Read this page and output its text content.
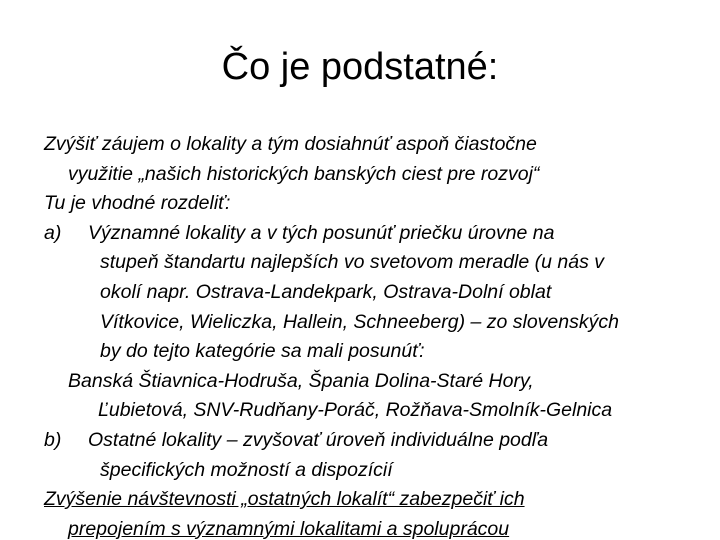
Čo je podstatné:

Zvýšiť záujem o lokality a tým dosiahnúť aspoň čiastočne
využitie „našich historických banských ciest pre rozvoj“

Tu je vhodné rozdeliť:

a) Významné lokality a v tých posunúť priečku úrovne na
stupeň štandartu najlepších vo svetovom meradle (u nás v
okolí napr. Ostrava-Landekpark, Ostrava-Dolní oblat
Vítkovice, Wieliczka, Hallein, Schneeberg) – zo slovenských
by do tejto kategórie sa mali posunúť:

Banská Štiavnica-Hodruša, Špania Dolina-Staré Hory,
Ľubietová, SNV-Rudňany-Poráč, Rožňava-Smolník-Gelnica

b) Ostatné lokality – zvyšovať úroveň individuálne podľa
špecifických možností a dispozícií

Zvýšenie návštevnosti „ostatných lokalít“ zabezpečiť ich
prepojením s významnými lokalitami a spoluprácou
